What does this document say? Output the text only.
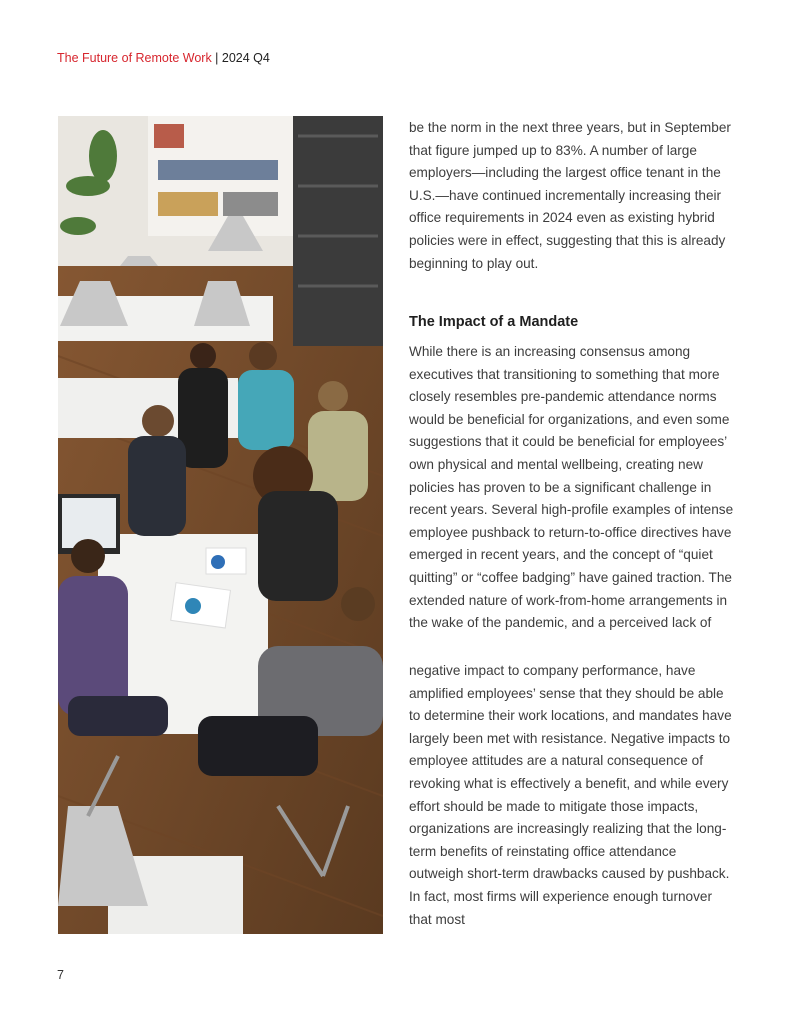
The Future of Remote Work | 2024 Q4

be the norm in the next three years, but in September that figure jumped up to 83%. A number of large employers—including the largest office tenant in the U.S.—have continued incrementally increasing their office requirements in 2024 even as existing hybrid policies were in effect, suggesting that this is already beginning to play out.

The Impact of a Mandate

While there is an increasing consensus among executives that transitioning to something that more closely resembles pre-pandemic attendance norms would be beneficial for organizations, and even some suggestions that it could be beneficial for employees’ own physical and mental wellbeing, creating new policies has proven to be a significant challenge in recent years. Several high-profile examples of intense employee pushback to return-to-office directives have emerged in recent years, and the concept of “quiet quitting” or “coffee badging” have gained traction. The extended nature of work-from-home arrangements in the wake of the pandemic, and a perceived lack of

negative impact to company performance, have amplified employees’ sense that they should be able to determine their work locations, and mandates have largely been met with resistance. Negative impacts to employee attitudes are a natural consequence of revoking what is effectively a benefit, and while every effort should be made to mitigate those impacts, organizations are increasingly realizing that the long-term benefits of reinstating office attendance outweigh short-term drawbacks caused by pushback. In fact, most firms will experience enough turnover that most

7
